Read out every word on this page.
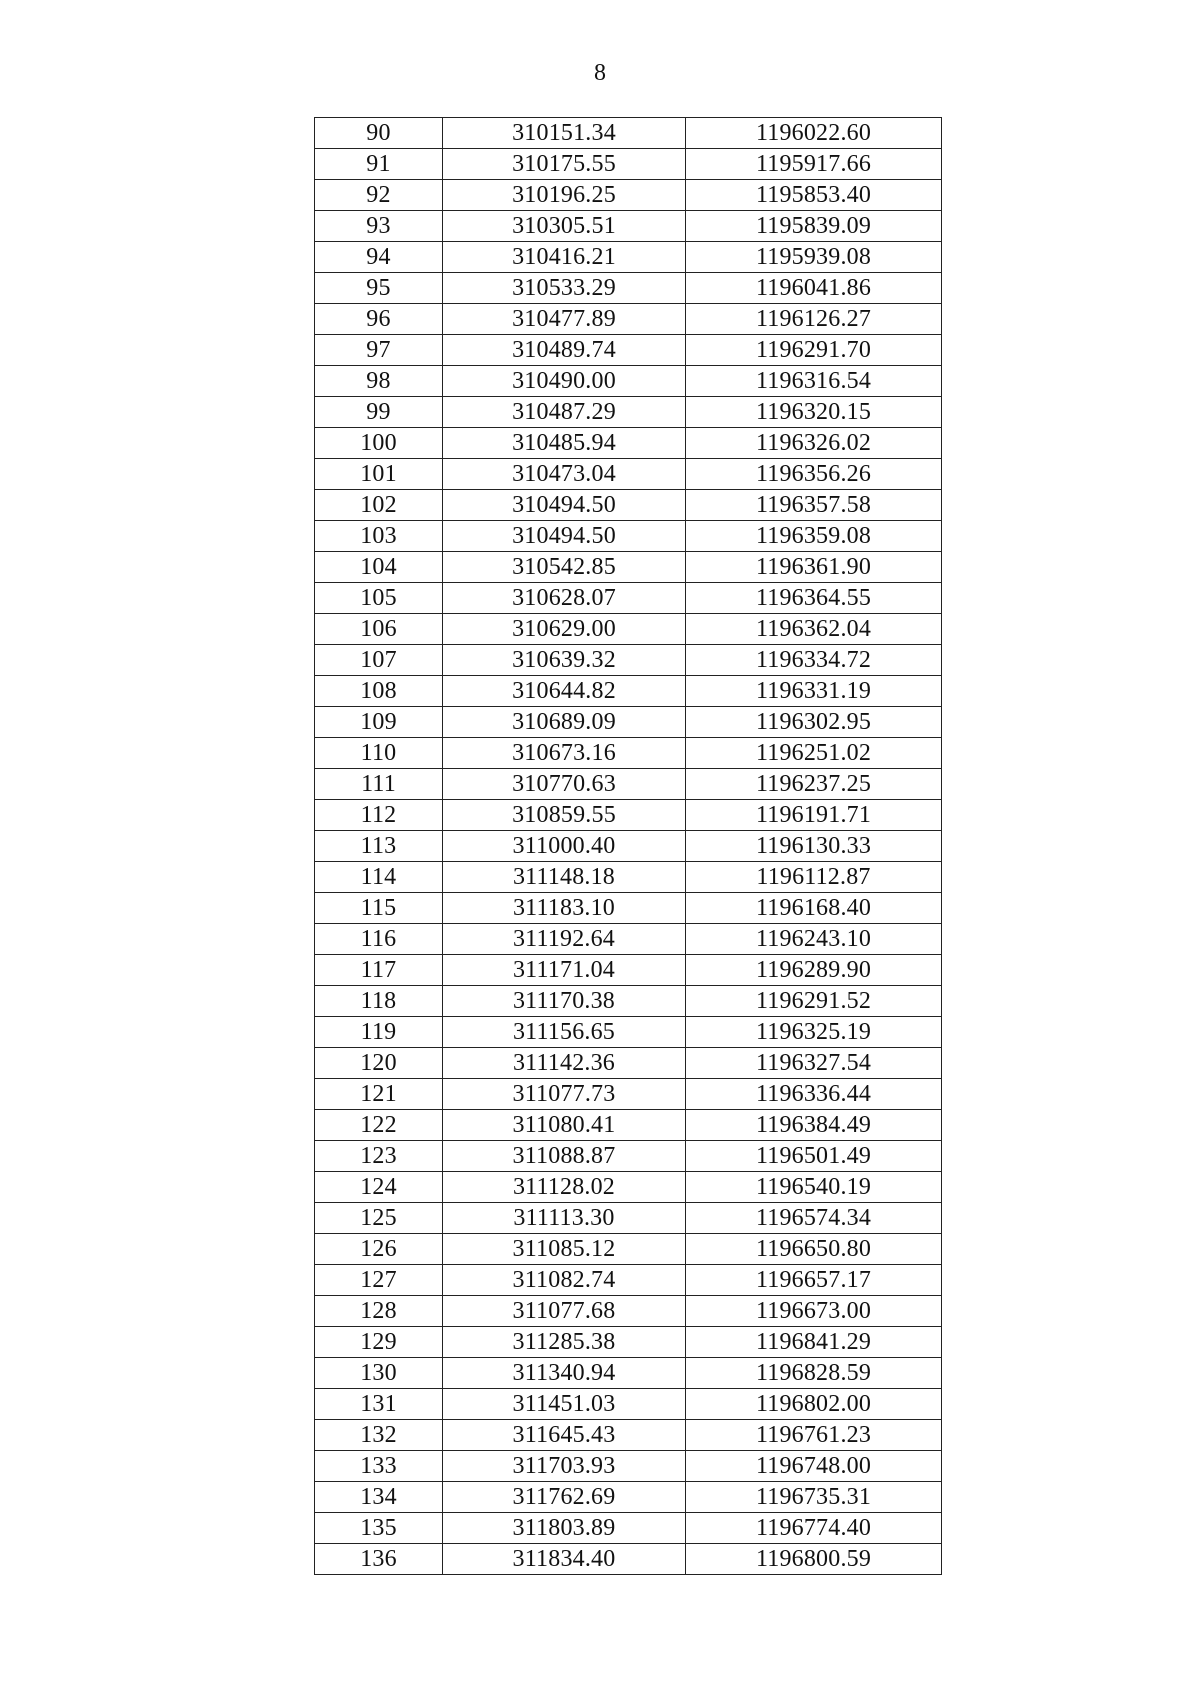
8
90	310151.34	1196022.60
91	310175.55	1195917.66
92	310196.25	1195853.40
93	310305.51	1195839.09
94	310416.21	1195939.08
95	310533.29	1196041.86
96	310477.89	1196126.27
97	310489.74	1196291.70
98	310490.00	1196316.54
99	310487.29	1196320.15
100	310485.94	1196326.02
101	310473.04	1196356.26
102	310494.50	1196357.58
103	310494.50	1196359.08
104	310542.85	1196361.90
105	310628.07	1196364.55
106	310629.00	1196362.04
107	310639.32	1196334.72
108	310644.82	1196331.19
109	310689.09	1196302.95
110	310673.16	1196251.02
111	310770.63	1196237.25
112	310859.55	1196191.71
113	311000.40	1196130.33
114	311148.18	1196112.87
115	311183.10	1196168.40
116	311192.64	1196243.10
117	311171.04	1196289.90
118	311170.38	1196291.52
119	311156.65	1196325.19
120	311142.36	1196327.54
121	311077.73	1196336.44
122	311080.41	1196384.49
123	311088.87	1196501.49
124	311128.02	1196540.19
125	311113.30	1196574.34
126	311085.12	1196650.80
127	311082.74	1196657.17
128	311077.68	1196673.00
129	311285.38	1196841.29
130	311340.94	1196828.59
131	311451.03	1196802.00
132	311645.43	1196761.23
133	311703.93	1196748.00
134	311762.69	1196735.31
135	311803.89	1196774.40
136	311834.40	1196800.59
